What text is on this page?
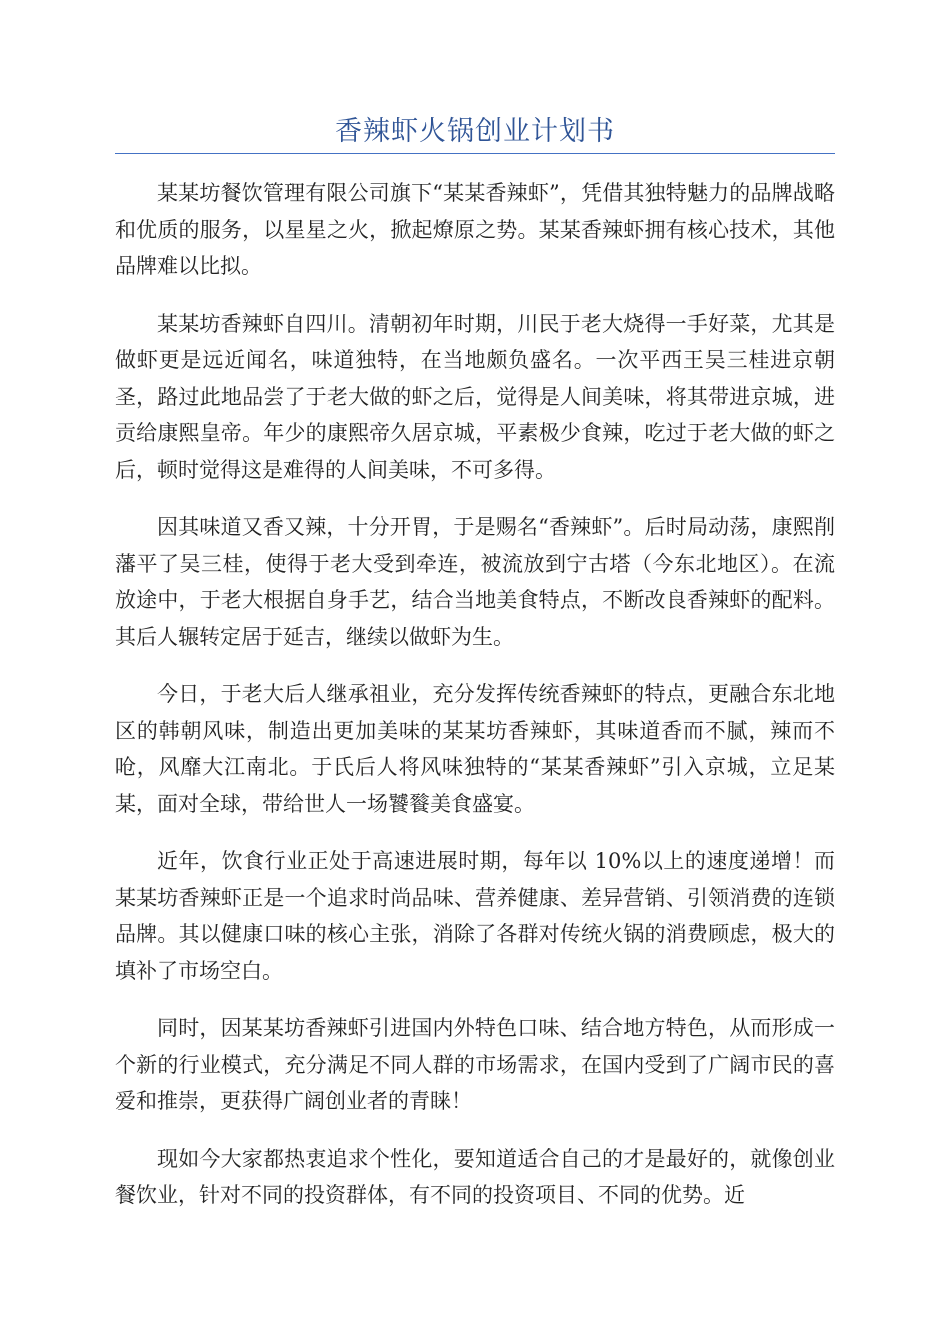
香辣虾火锅创业计划书

某某坊餐饮管理有限公司旗下“某某香辣虾”，凭借其独特魅力的品牌战略和优质的服务，以星星之火，掀起燎原之势。某某香辣虾拥有核心技术，其他品牌难以比拟。

某某坊香辣虾自四川。清朝初年时期，川民于老大烧得一手好菜，尤其是做虾更是远近闻名，味道独特，在当地颇负盛名。一次平西王吴三桂进京朝圣，路过此地品尝了于老大做的虾之后，觉得是人间美味，将其带进京城，进贡给康熙皇帝。年少的康熙帝久居京城，平素极少食辣，吃过于老大做的虾之后，顿时觉得这是难得的人间美味，不可多得。

因其味道又香又辣，十分开胃，于是赐名“香辣虾”。后时局动荡，康熙削藩平了吴三桂，使得于老大受到牵连，被流放到宁古塔（今东北地区）。在流放途中，于老大根据自身手艺，结合当地美食特点，不断改良香辣虾的配料。其后人辗转定居于延吉，继续以做虾为生。

今日，于老大后人继承祖业，充分发挥传统香辣虾的特点，更融合东北地区的韩朝风味，制造出更加美味的某某坊香辣虾，其味道香而不腻，辣而不呛，风靡大江南北。于氏后人将风味独特的“某某香辣虾”引入京城，立足某某，面对全球，带给世人一场饕餮美食盛宴。

近年，饮食行业正处于高速进展时期，每年以 10%以上的速度递增！而某某坊香辣虾正是一个追求时尚品味、营养健康、差异营销、引领消费的连锁品牌。其以健康口味的核心主张，消除了各群对传统火锅的消费顾虑，极大的填补了市场空白。

同时，因某某坊香辣虾引进国内外特色口味、结合地方特色，从而形成一个新的行业模式，充分满足不同人群的市场需求，在国内受到了广阔市民的喜爱和推崇，更获得广阔创业者的青睐！

现如今大家都热衷追求个性化，要知道适合自己的才是最好的，就像创业餐饮业，针对不同的投资群体，有不同的投资项目、不同的优势。近
